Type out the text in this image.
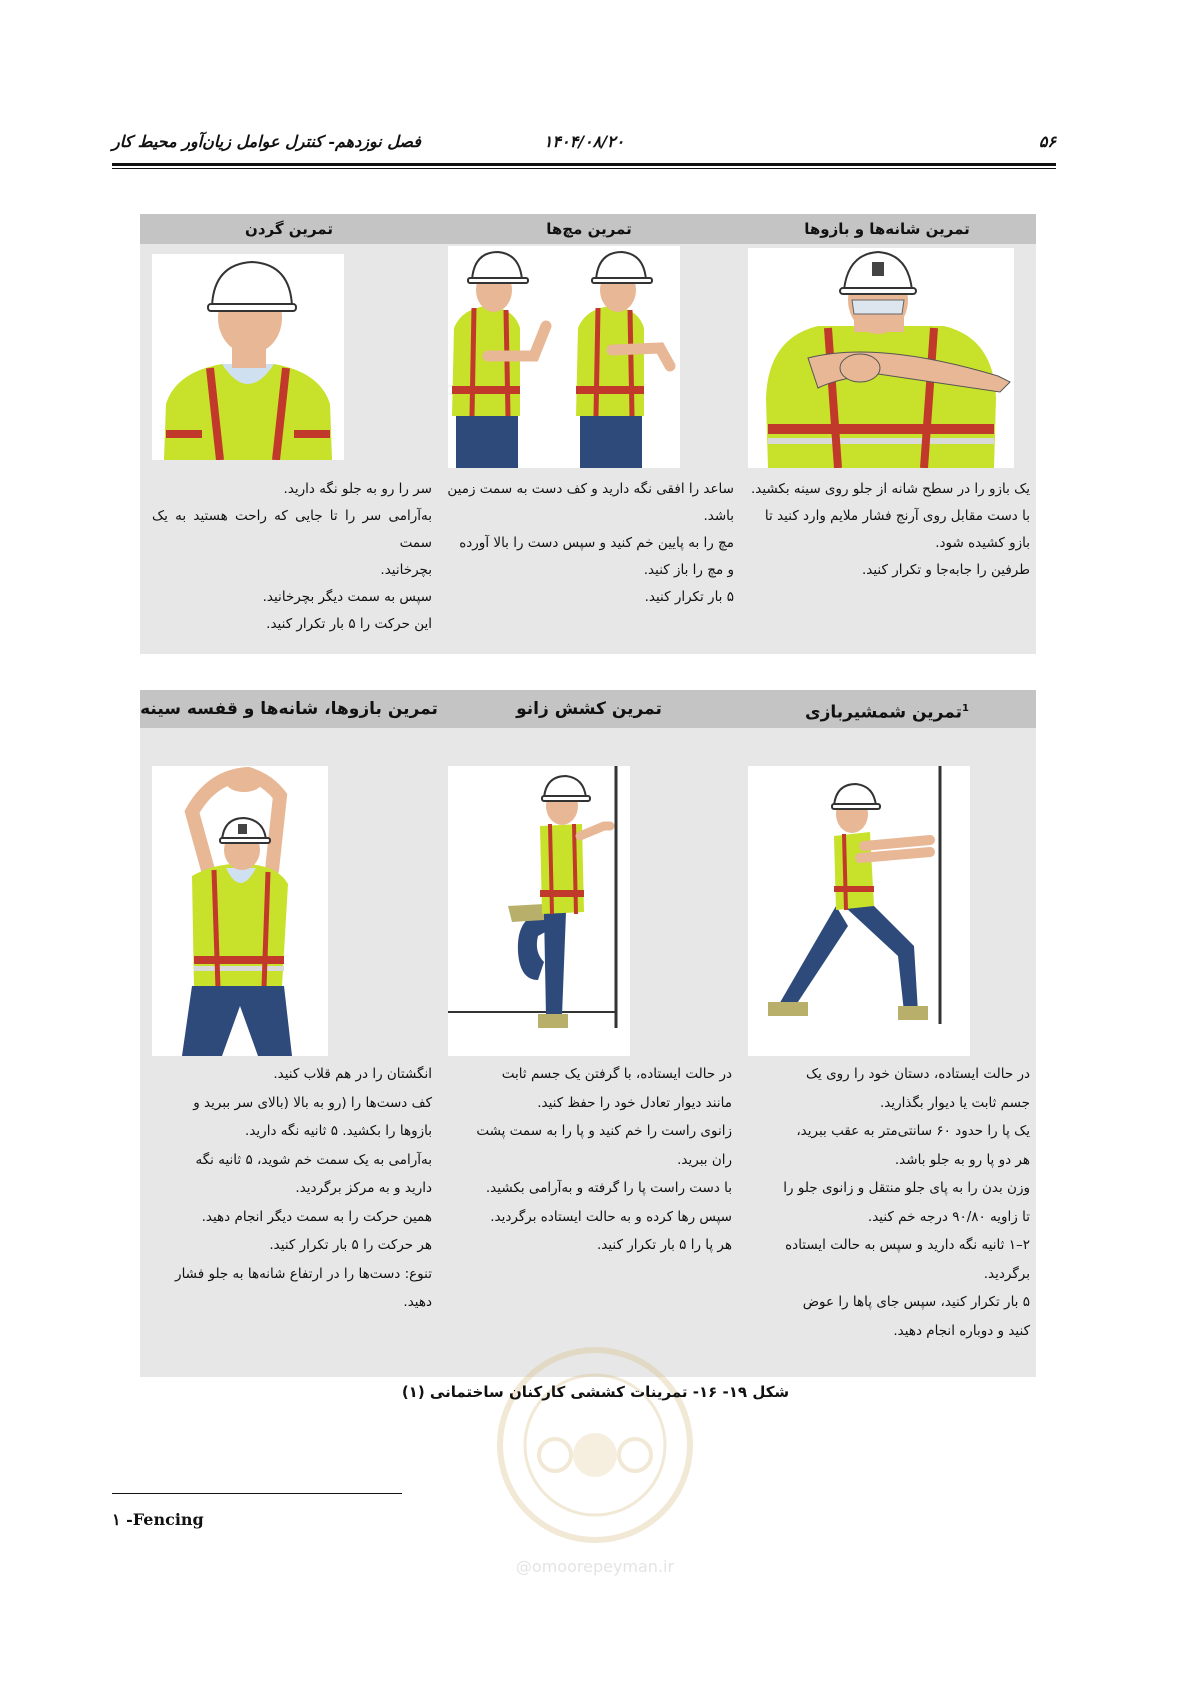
۵۶
۱۴۰۴/۰۸/۲۰
فصل نوزدهم- کنترل عوامل زیان‌آور محیط کار
تمرین شانه‌ها و بازوها
یک بازو را در سطح شانه از جلو روی سینه بکشید.
با دست مقابل روی آرنج فشار ملایم وارد کنید تا
بازو کشیده شود.
طرفین را جابه‌جا و تکرار کنید.
تمرین مچ‌ها
ساعد را افقی نگه دارید و کف دست به سمت زمین
باشد.
مچ را به پایین خم کنید و سپس دست را بالا آورده
و مچ را باز کنید.
۵ بار تکرار کنید.
تمرین گردن
سر را رو به جلو نگه دارید.
به‌آرامی سر را تا جایی که راحت هستید به یک سمت
بچرخانید.
سپس به سمت دیگر بچرخانید.
این حرکت را ۵ بار تکرار کنید.
$^1$تمرین شمشیربازی
در حالت ایستاده، دستان خود را روی یک
جسم ثابت یا دیوار بگذارید.
یک پا را حدود ۶۰ سانتی‌متر به عقب ببرید،
هر دو پا رو به جلو باشد.
وزن بدن را به پای جلو منتقل و زانوی جلو را
تا زاویه ۹۰/۸۰ درجه خم کنید.
۲–۱ ثانیه نگه دارید و سپس به حالت ایستاده
برگردید.
۵ بار تکرار کنید، سپس جای پاها را عوض
کنید و دوباره انجام دهید.
تمرین کشش زانو
در حالت ایستاده، با گرفتن یک جسم ثابت
مانند دیوار تعادل خود را حفظ کنید.
زانوی راست را خم کنید و پا را به سمت پشت
ران ببرید.
با دست راست پا را گرفته و به‌آرامی بکشید.
سپس رها کرده و به حالت ایستاده برگردید.
هر پا را ۵ بار تکرار کنید.
تمرین بازوها، شانه‌ها و قفسه سینه
انگشتان را در هم قلاب کنید.
کف دست‌ها را (رو به بالا (بالای سر ببرید و
بازوها را بکشید. ۵ ثانیه نگه دارید.
به‌آرامی به یک سمت خم شوید، ۵ ثانیه نگه
دارید و به مرکز برگردید.
همین حرکت را به سمت دیگر انجام دهید.
هر حرکت را ۵ بار تکرار کنید.
تنوع: دست‌ها را در ارتفاع شانه‌ها به جلو فشار
دهید.
@omoorepeyman.ir
شکل ۱۹- ۱۶- تمرینات کششی کارکنان ساختمانی (۱)
۱ -Fencing
